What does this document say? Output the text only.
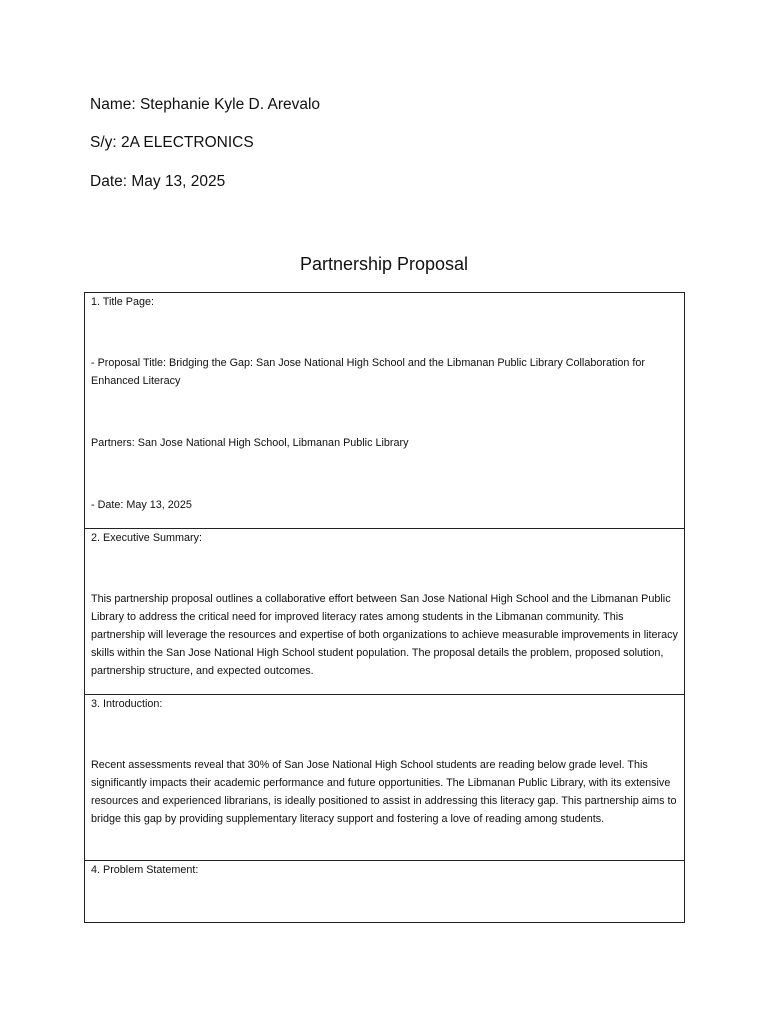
Name: Stephanie Kyle D. Arevalo
S/y: 2A ELECTRONICS
Date: May 13, 2025
Partnership Proposal
1. Title Page:
- Proposal Title: Bridging the Gap: San Jose National High School and the Libmanan Public Library Collaboration for Enhanced Literacy
Partners: San Jose National High School, Libmanan Public Library
- Date: May 13, 2025
2. Executive Summary:
This partnership proposal outlines a collaborative effort between San Jose National High School and the Libmanan Public Library to address the critical need for improved literacy rates among students in the Libmanan community. This partnership will leverage the resources and expertise of both organizations to achieve measurable improvements in literacy skills within the San Jose National High School student population. The proposal details the problem, proposed solution, partnership structure, and expected outcomes.
3. Introduction:
Recent assessments reveal that 30% of San Jose National High School students are reading below grade level. This significantly impacts their academic performance and future opportunities. The Libmanan Public Library, with its extensive resources and experienced librarians, is ideally positioned to assist in addressing this literacy gap. This partnership aims to bridge this gap by providing supplementary literacy support and fostering a love of reading among students.
4. Problem Statement:
